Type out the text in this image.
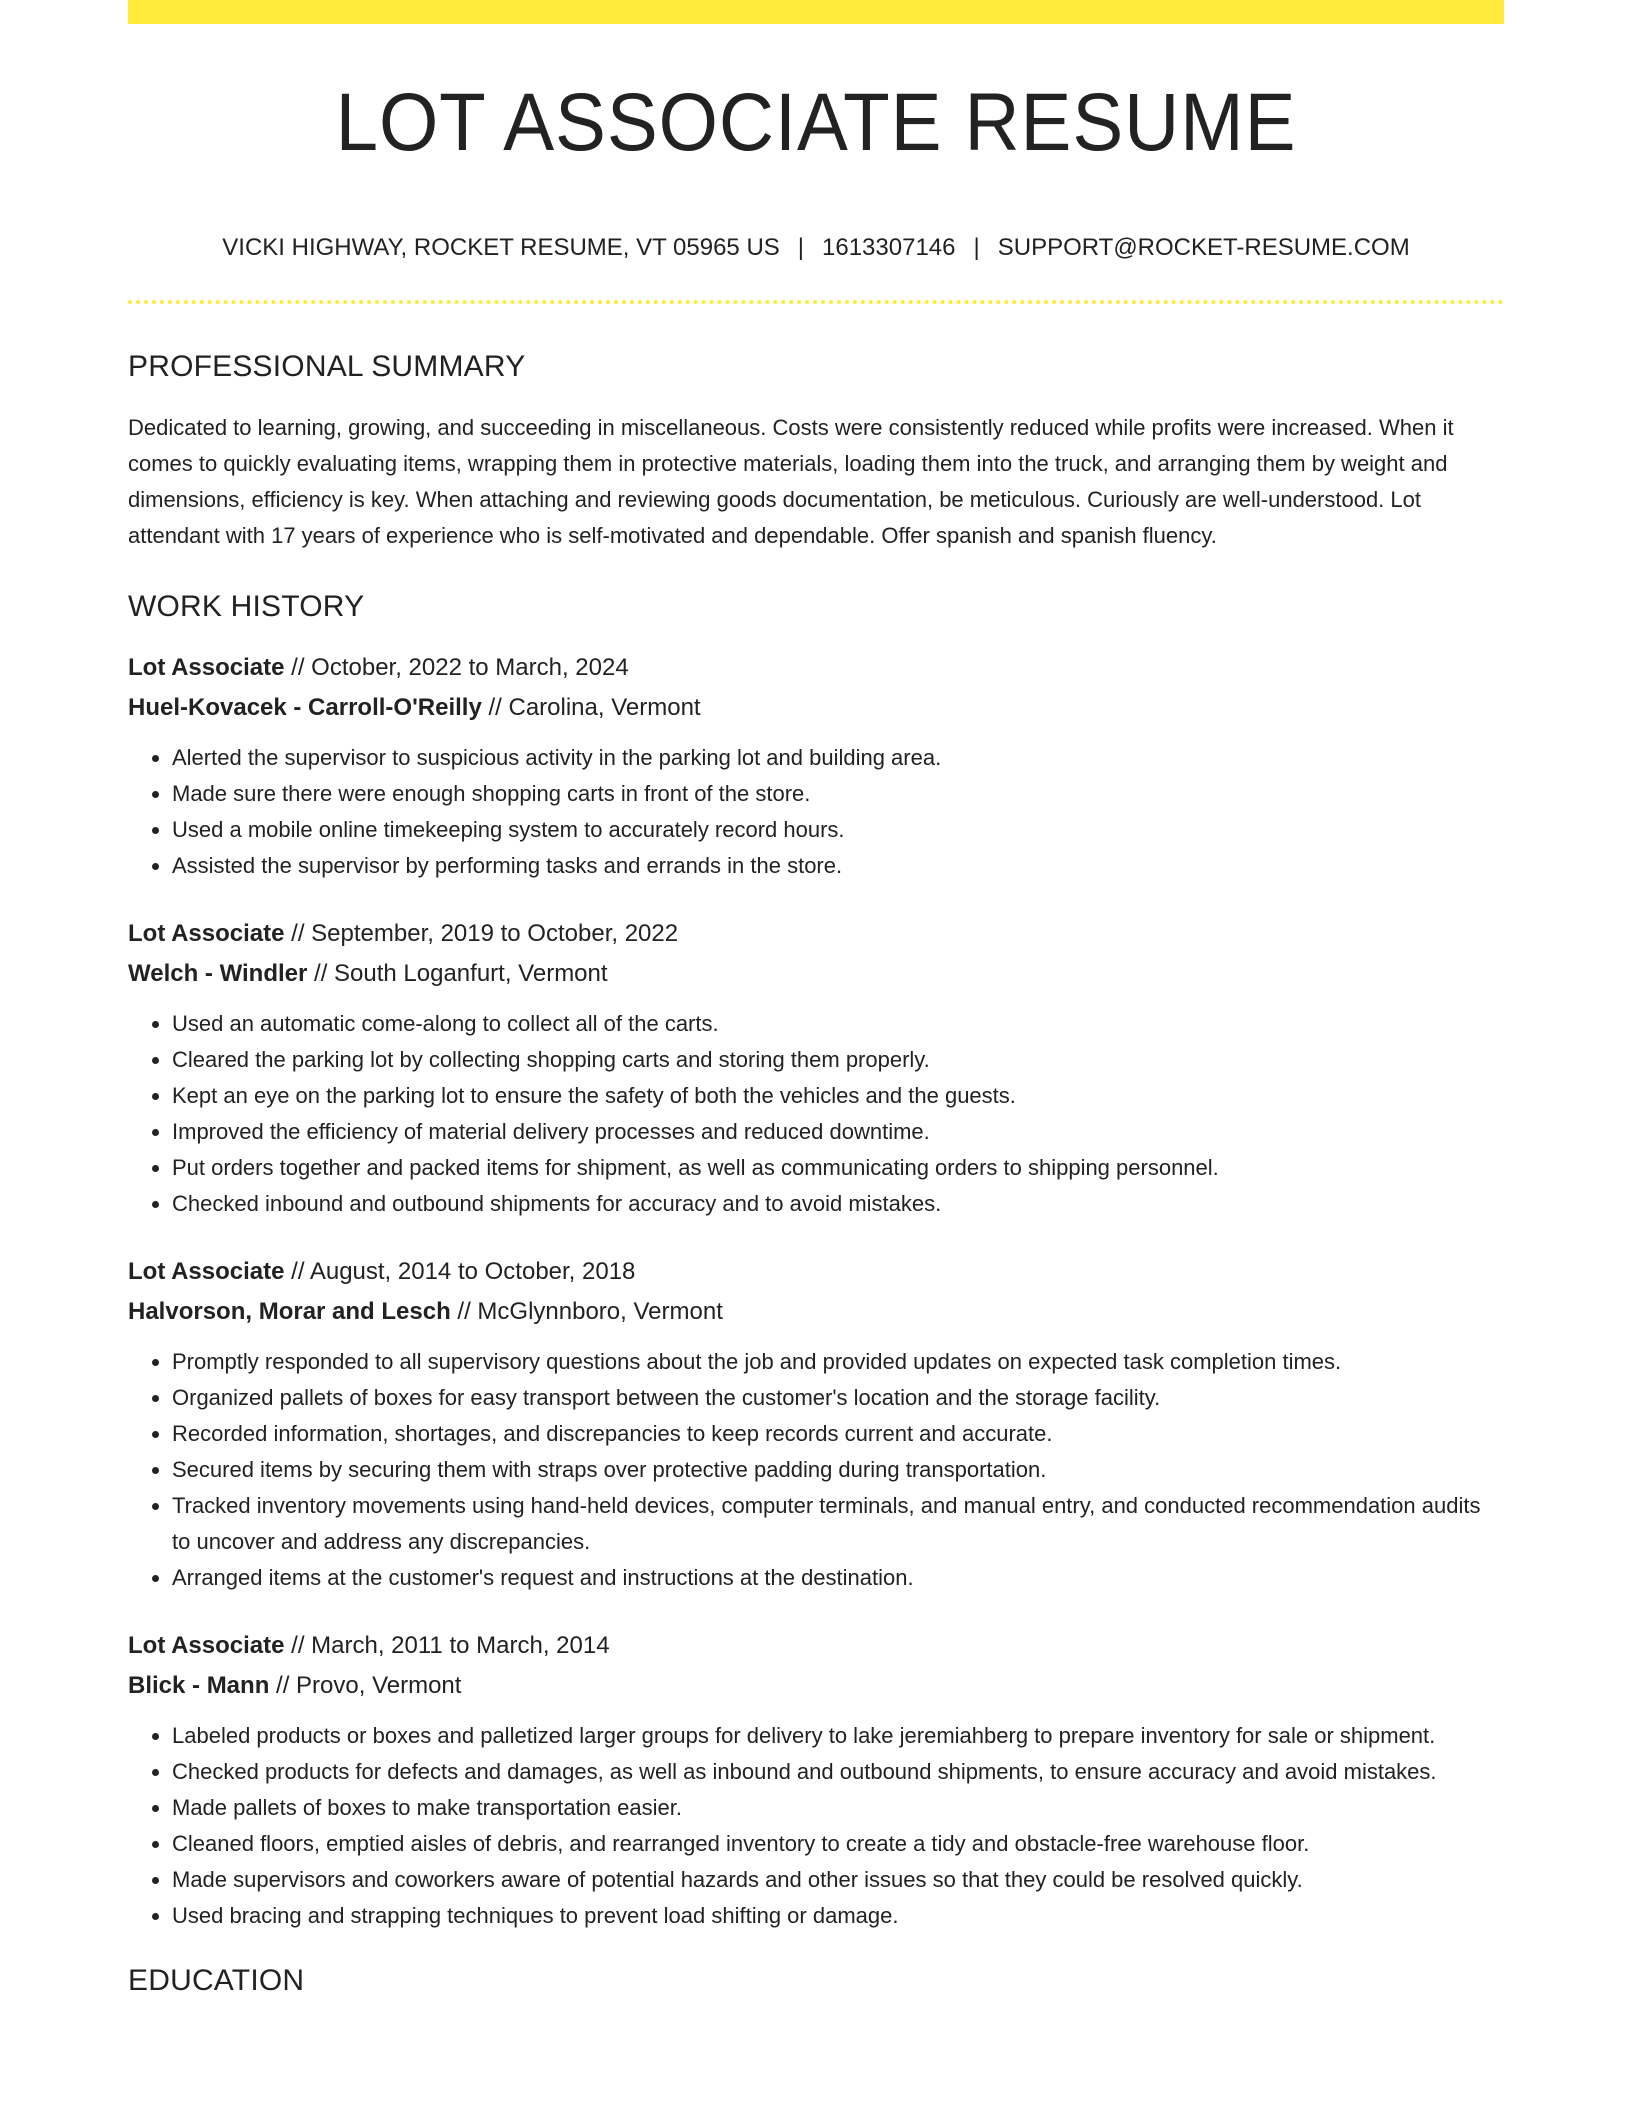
LOT ASSOCIATE RESUME
VICKI HIGHWAY, ROCKET RESUME, VT 05965 US | 1613307146 | SUPPORT@ROCKET-RESUME.COM
PROFESSIONAL SUMMARY
Dedicated to learning, growing, and succeeding in miscellaneous. Costs were consistently reduced while profits were increased. When it comes to quickly evaluating items, wrapping them in protective materials, loading them into the truck, and arranging them by weight and dimensions, efficiency is key. When attaching and reviewing goods documentation, be meticulous. Curiously are well-understood. Lot attendant with 17 years of experience who is self-motivated and dependable. Offer spanish and spanish fluency.
WORK HISTORY
Lot Associate // October, 2022 to March, 2024
Huel-Kovacek - Carroll-O'Reilly // Carolina, Vermont
• Alerted the supervisor to suspicious activity in the parking lot and building area.
• Made sure there were enough shopping carts in front of the store.
• Used a mobile online timekeeping system to accurately record hours.
• Assisted the supervisor by performing tasks and errands in the store.
Lot Associate // September, 2019 to October, 2022
Welch - Windler // South Loganfurt, Vermont
• Used an automatic come-along to collect all of the carts.
• Cleared the parking lot by collecting shopping carts and storing them properly.
• Kept an eye on the parking lot to ensure the safety of both the vehicles and the guests.
• Improved the efficiency of material delivery processes and reduced downtime.
• Put orders together and packed items for shipment, as well as communicating orders to shipping personnel.
• Checked inbound and outbound shipments for accuracy and to avoid mistakes.
Lot Associate // August, 2014 to October, 2018
Halvorson, Morar and Lesch // McGlynnboro, Vermont
• Promptly responded to all supervisory questions about the job and provided updates on expected task completion times.
• Organized pallets of boxes for easy transport between the customer's location and the storage facility.
• Recorded information, shortages, and discrepancies to keep records current and accurate.
• Secured items by securing them with straps over protective padding during transportation.
• Tracked inventory movements using hand-held devices, computer terminals, and manual entry, and conducted recommendation audits to uncover and address any discrepancies.
• Arranged items at the customer's request and instructions at the destination.
Lot Associate // March, 2011 to March, 2014
Blick - Mann // Provo, Vermont
• Labeled products or boxes and palletized larger groups for delivery to lake jeremiahberg to prepare inventory for sale or shipment.
• Checked products for defects and damages, as well as inbound and outbound shipments, to ensure accuracy and avoid mistakes.
• Made pallets of boxes to make transportation easier.
• Cleaned floors, emptied aisles of debris, and rearranged inventory to create a tidy and obstacle-free warehouse floor.
• Made supervisors and coworkers aware of potential hazards and other issues so that they could be resolved quickly.
• Used bracing and strapping techniques to prevent load shifting or damage.
EDUCATION
